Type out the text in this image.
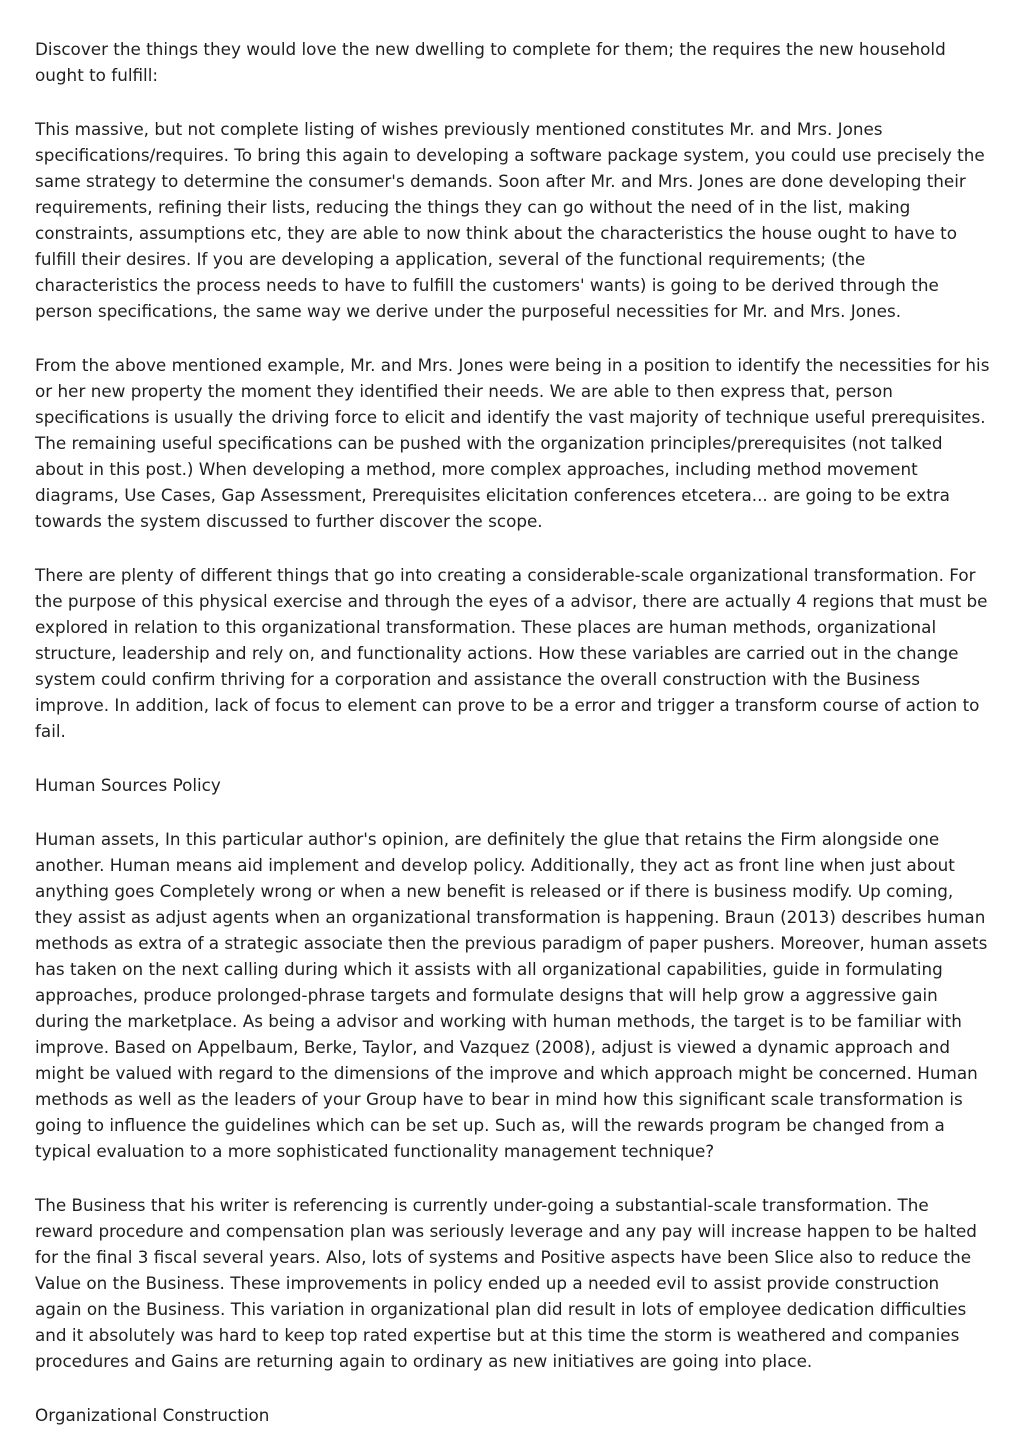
Discover the things they would love the new dwelling to complete for them; the requires the new household ought to fulfill:

This massive, but not complete listing of wishes previously mentioned constitutes Mr. and Mrs. Jones specifications/requires. To bring this again to developing a software package system, you could use precisely the same strategy to determine the consumer's demands. Soon after Mr. and Mrs. Jones are done developing their requirements, refining their lists, reducing the things they can go without the need of in the list, making constraints, assumptions etc, they are able to now think about the characteristics the house ought to have to fulfill their desires. If you are developing a application, several of the functional requirements; (the characteristics the process needs to have to fulfill the customers' wants) is going to be derived through the person specifications, the same way we derive under the purposeful necessities for Mr. and Mrs. Jones.

From the above mentioned example, Mr. and Mrs. Jones were being in a position to identify the necessities for his or her new property the moment they identified their needs. We are able to then express that, person specifications is usually the driving force to elicit and identify the vast majority of technique useful prerequisites. The remaining useful specifications can be pushed with the organization principles/prerequisites (not talked about in this post.) When developing a method, more complex approaches, including method movement diagrams, Use Cases, Gap Assessment, Prerequisites elicitation conferences etcetera... are going to be extra towards the system discussed to further discover the scope.

There are plenty of different things that go into creating a considerable-scale organizational transformation. For the purpose of this physical exercise and through the eyes of a advisor, there are actually 4 regions that must be explored in relation to this organizational transformation. These places are human methods, organizational structure, leadership and rely on, and functionality actions. How these variables are carried out in the change system could confirm thriving for a corporation and assistance the overall construction with the Business improve. In addition, lack of focus to element can prove to be a error and trigger a transform course of action to fail.

Human Sources Policy

Human assets, In this particular author's opinion, are definitely the glue that retains the Firm alongside one another. Human means aid implement and develop policy. Additionally, they act as front line when just about anything goes Completely wrong or when a new benefit is released or if there is business modify. Up coming, they assist as adjust agents when an organizational transformation is happening. Braun (2013) describes human methods as extra of a strategic associate then the previous paradigm of paper pushers. Moreover, human assets has taken on the next calling during which it assists with all organizational capabilities, guide in formulating approaches, produce prolonged-phrase targets and formulate designs that will help grow a aggressive gain during the marketplace. As being a advisor and working with human methods, the target is to be familiar with improve. Based on Appelbaum, Berke, Taylor, and Vazquez (2008), adjust is viewed a dynamic approach and might be valued with regard to the dimensions of the improve and which approach might be concerned. Human methods as well as the leaders of your Group have to bear in mind how this significant scale transformation is going to influence the guidelines which can be set up. Such as, will the rewards program be changed from a typical evaluation to a more sophisticated functionality management technique?

The Business that his writer is referencing is currently under-going a substantial-scale transformation. The reward procedure and compensation plan was seriously leverage and any pay will increase happen to be halted for the final 3 fiscal several years. Also, lots of systems and Positive aspects have been Slice also to reduce the Value on the Business. These improvements in policy ended up a needed evil to assist provide construction again on the Business. This variation in organizational plan did result in lots of employee dedication difficulties and it absolutely was hard to keep top rated expertise but at this time the storm is weathered and companies procedures and Gains are returning again to ordinary as new initiatives are going into place.

Organizational Construction
